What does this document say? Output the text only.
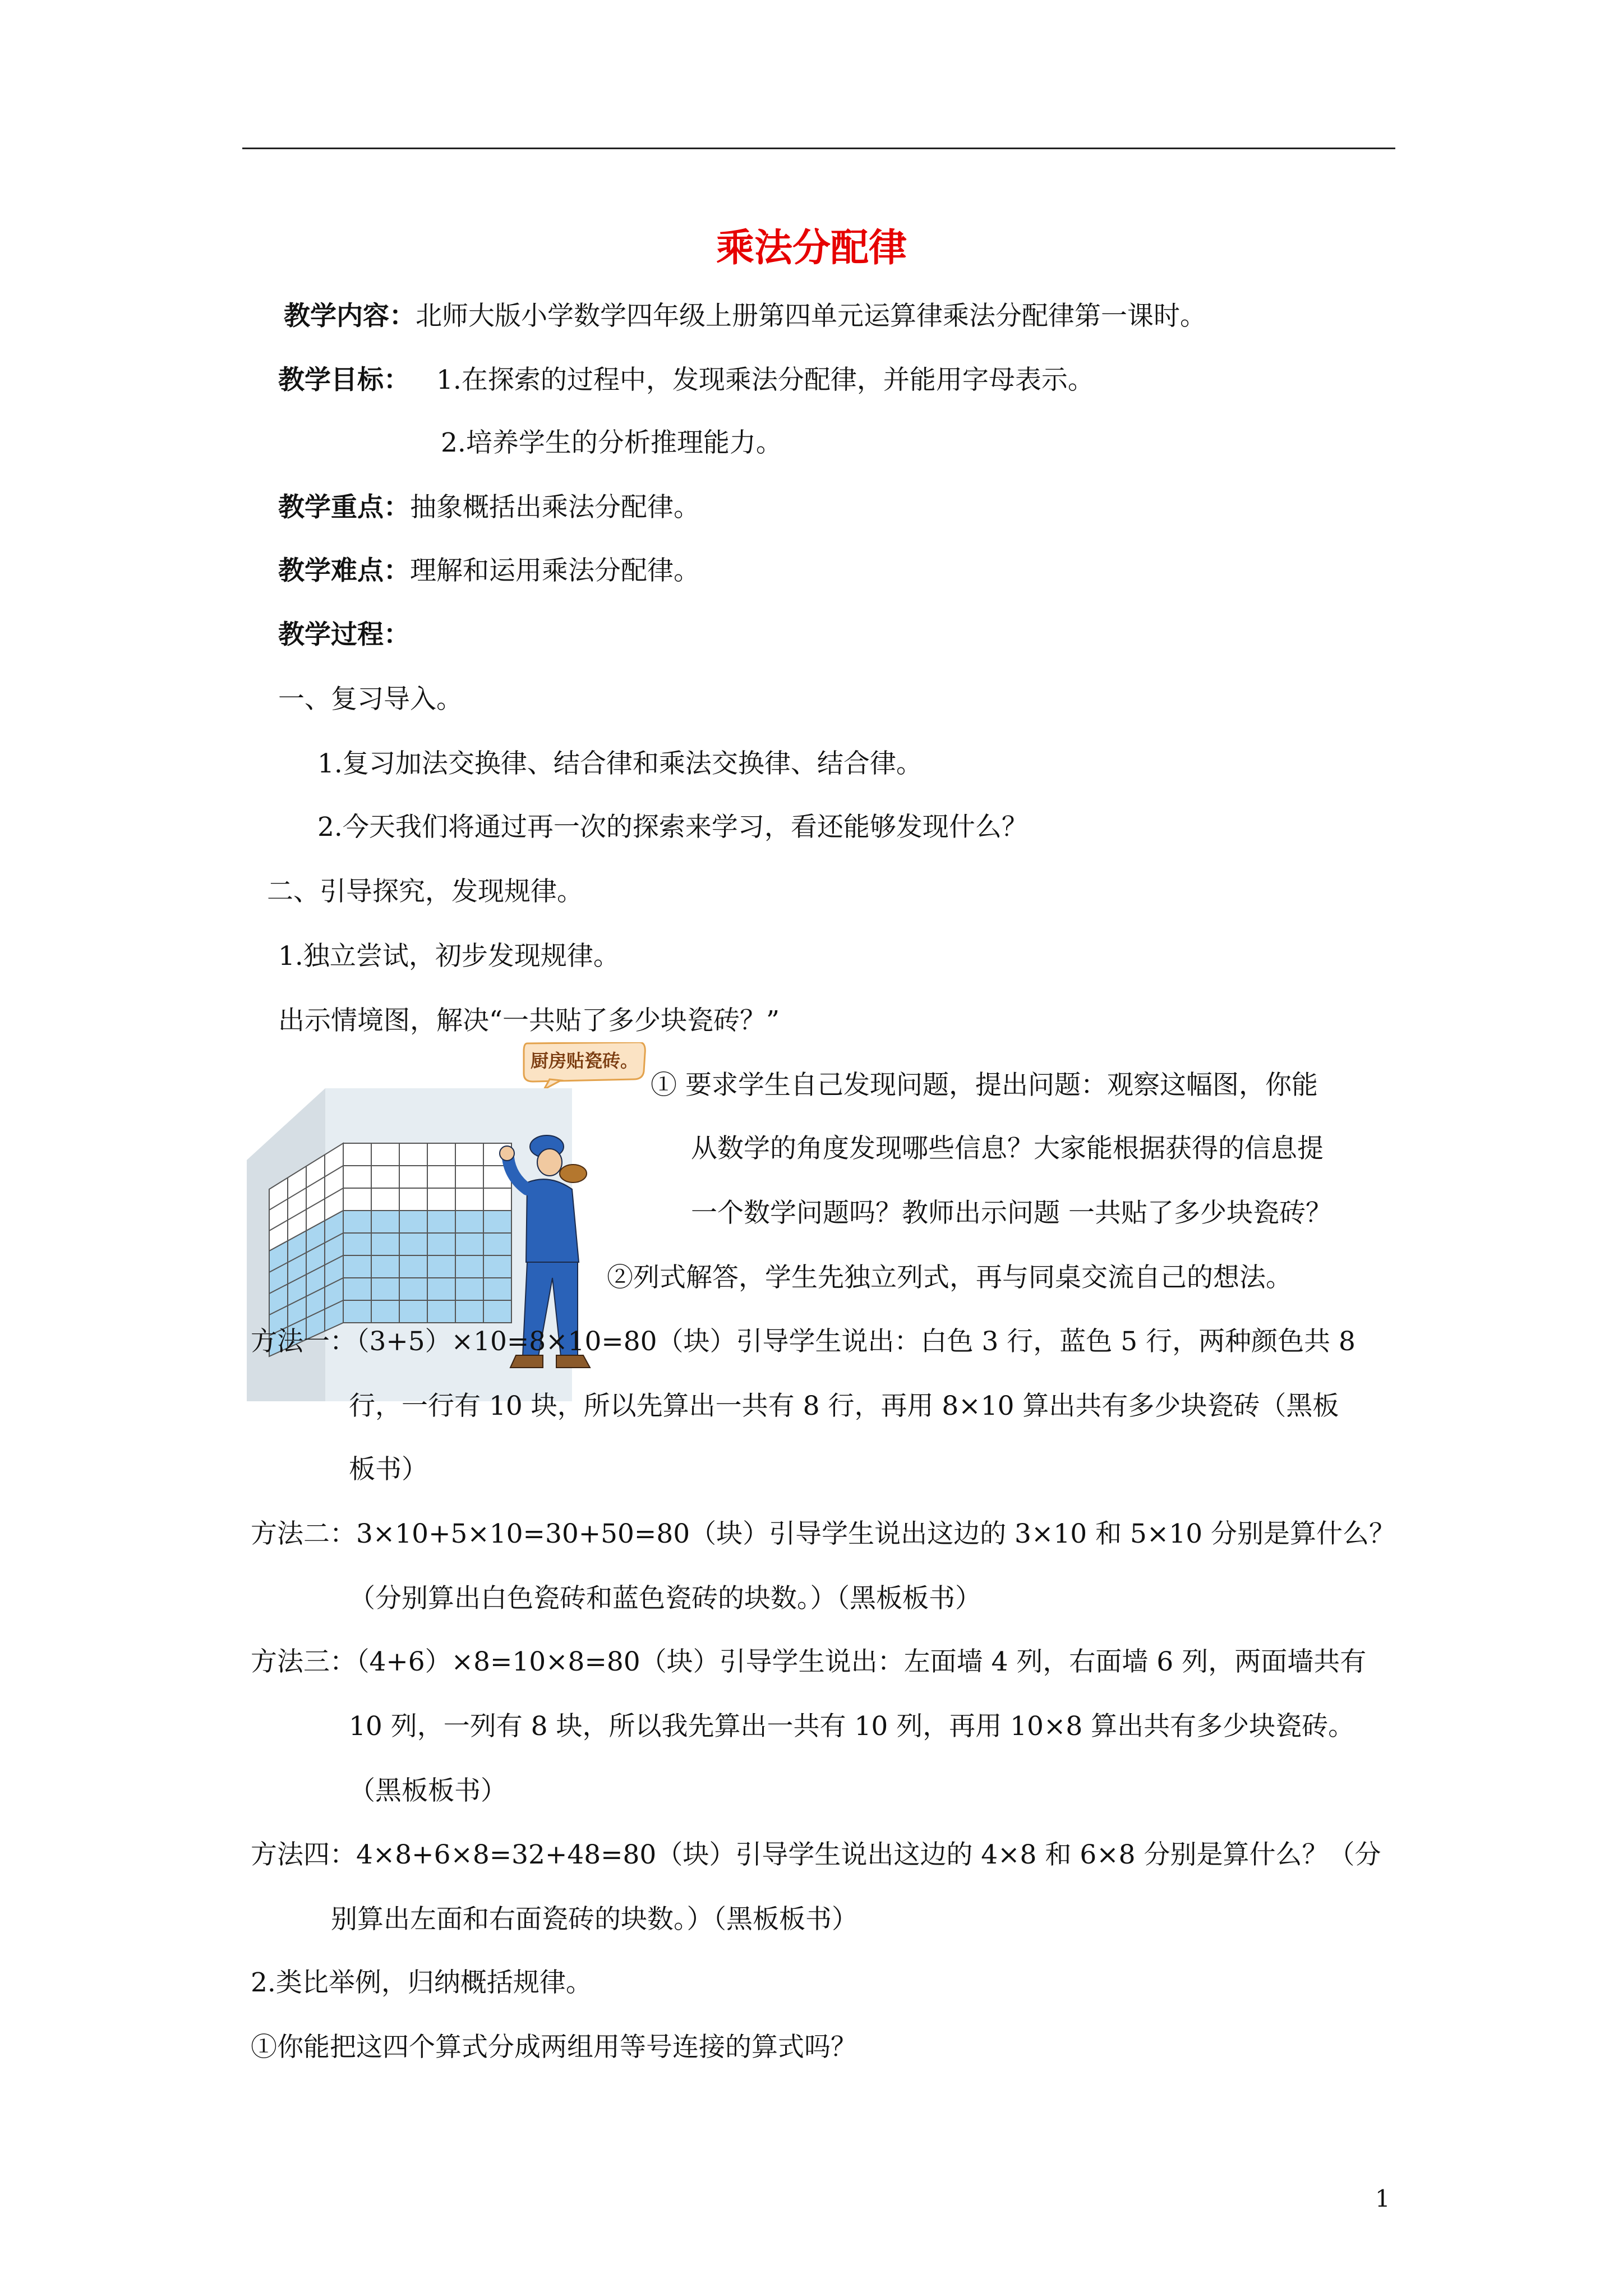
乘法分配律
教学内容：北师大版小学数学四年级上册第四单元运算律乘法分配律第一课时。
教学目标： 1.在探索的过程中，发现乘法分配律，并能用字母表示。
2.培养学生的分析推理能力。
教学重点：抽象概括出乘法分配律。
教学难点：理解和运用乘法分配律。
教学过程：
一、复习导入。
1.复习加法交换律、结合律和乘法交换律、结合律。
2.今天我们将通过再一次的探索来学习，看还能够发现什么？
二、引导探究，发现规律。
1.独立尝试，初步发现规律。
出示情境图，解决“一共贴了多少块瓷砖？”
厨房贴瓷砖。
① 要求学生自己发现问题，提出问题：观察这幅图，你能
从数学的角度发现哪些信息？大家能根据获得的信息提
一个数学问题吗？教师出示问题 一共贴了多少块瓷砖？
②列式解答，学生先独立列式，再与同桌交流自己的想法。
方法一：（3+5）×10=8×10=80（块）引导学生说出：白色 3 行，蓝色 5 行，两种颜色共 8
行，一行有 10 块，所以先算出一共有 8 行，再用 8×10 算出共有多少块瓷砖（黑板
板书）
方法二：3×10+5×10=30+50=80（块）引导学生说出这边的 3×10 和 5×10 分别是算什么？
（分别算出白色瓷砖和蓝色瓷砖的块数。）（黑板板书）
方法三：（4+6）×8=10×8=80（块）引导学生说出：左面墙 4 列，右面墙 6 列，两面墙共有
10 列，一列有 8 块，所以我先算出一共有 10 列，再用 10×8 算出共有多少块瓷砖。
（黑板板书）
方法四：4×8+6×8=32+48=80（块）引导学生说出这边的 4×8 和 6×8 分别是算什么？（分
别算出左面和右面瓷砖的块数。）（黑板板书）
2.类比举例，归纳概括规律。
①你能把这四个算式分成两组用等号连接的算式吗？
1
